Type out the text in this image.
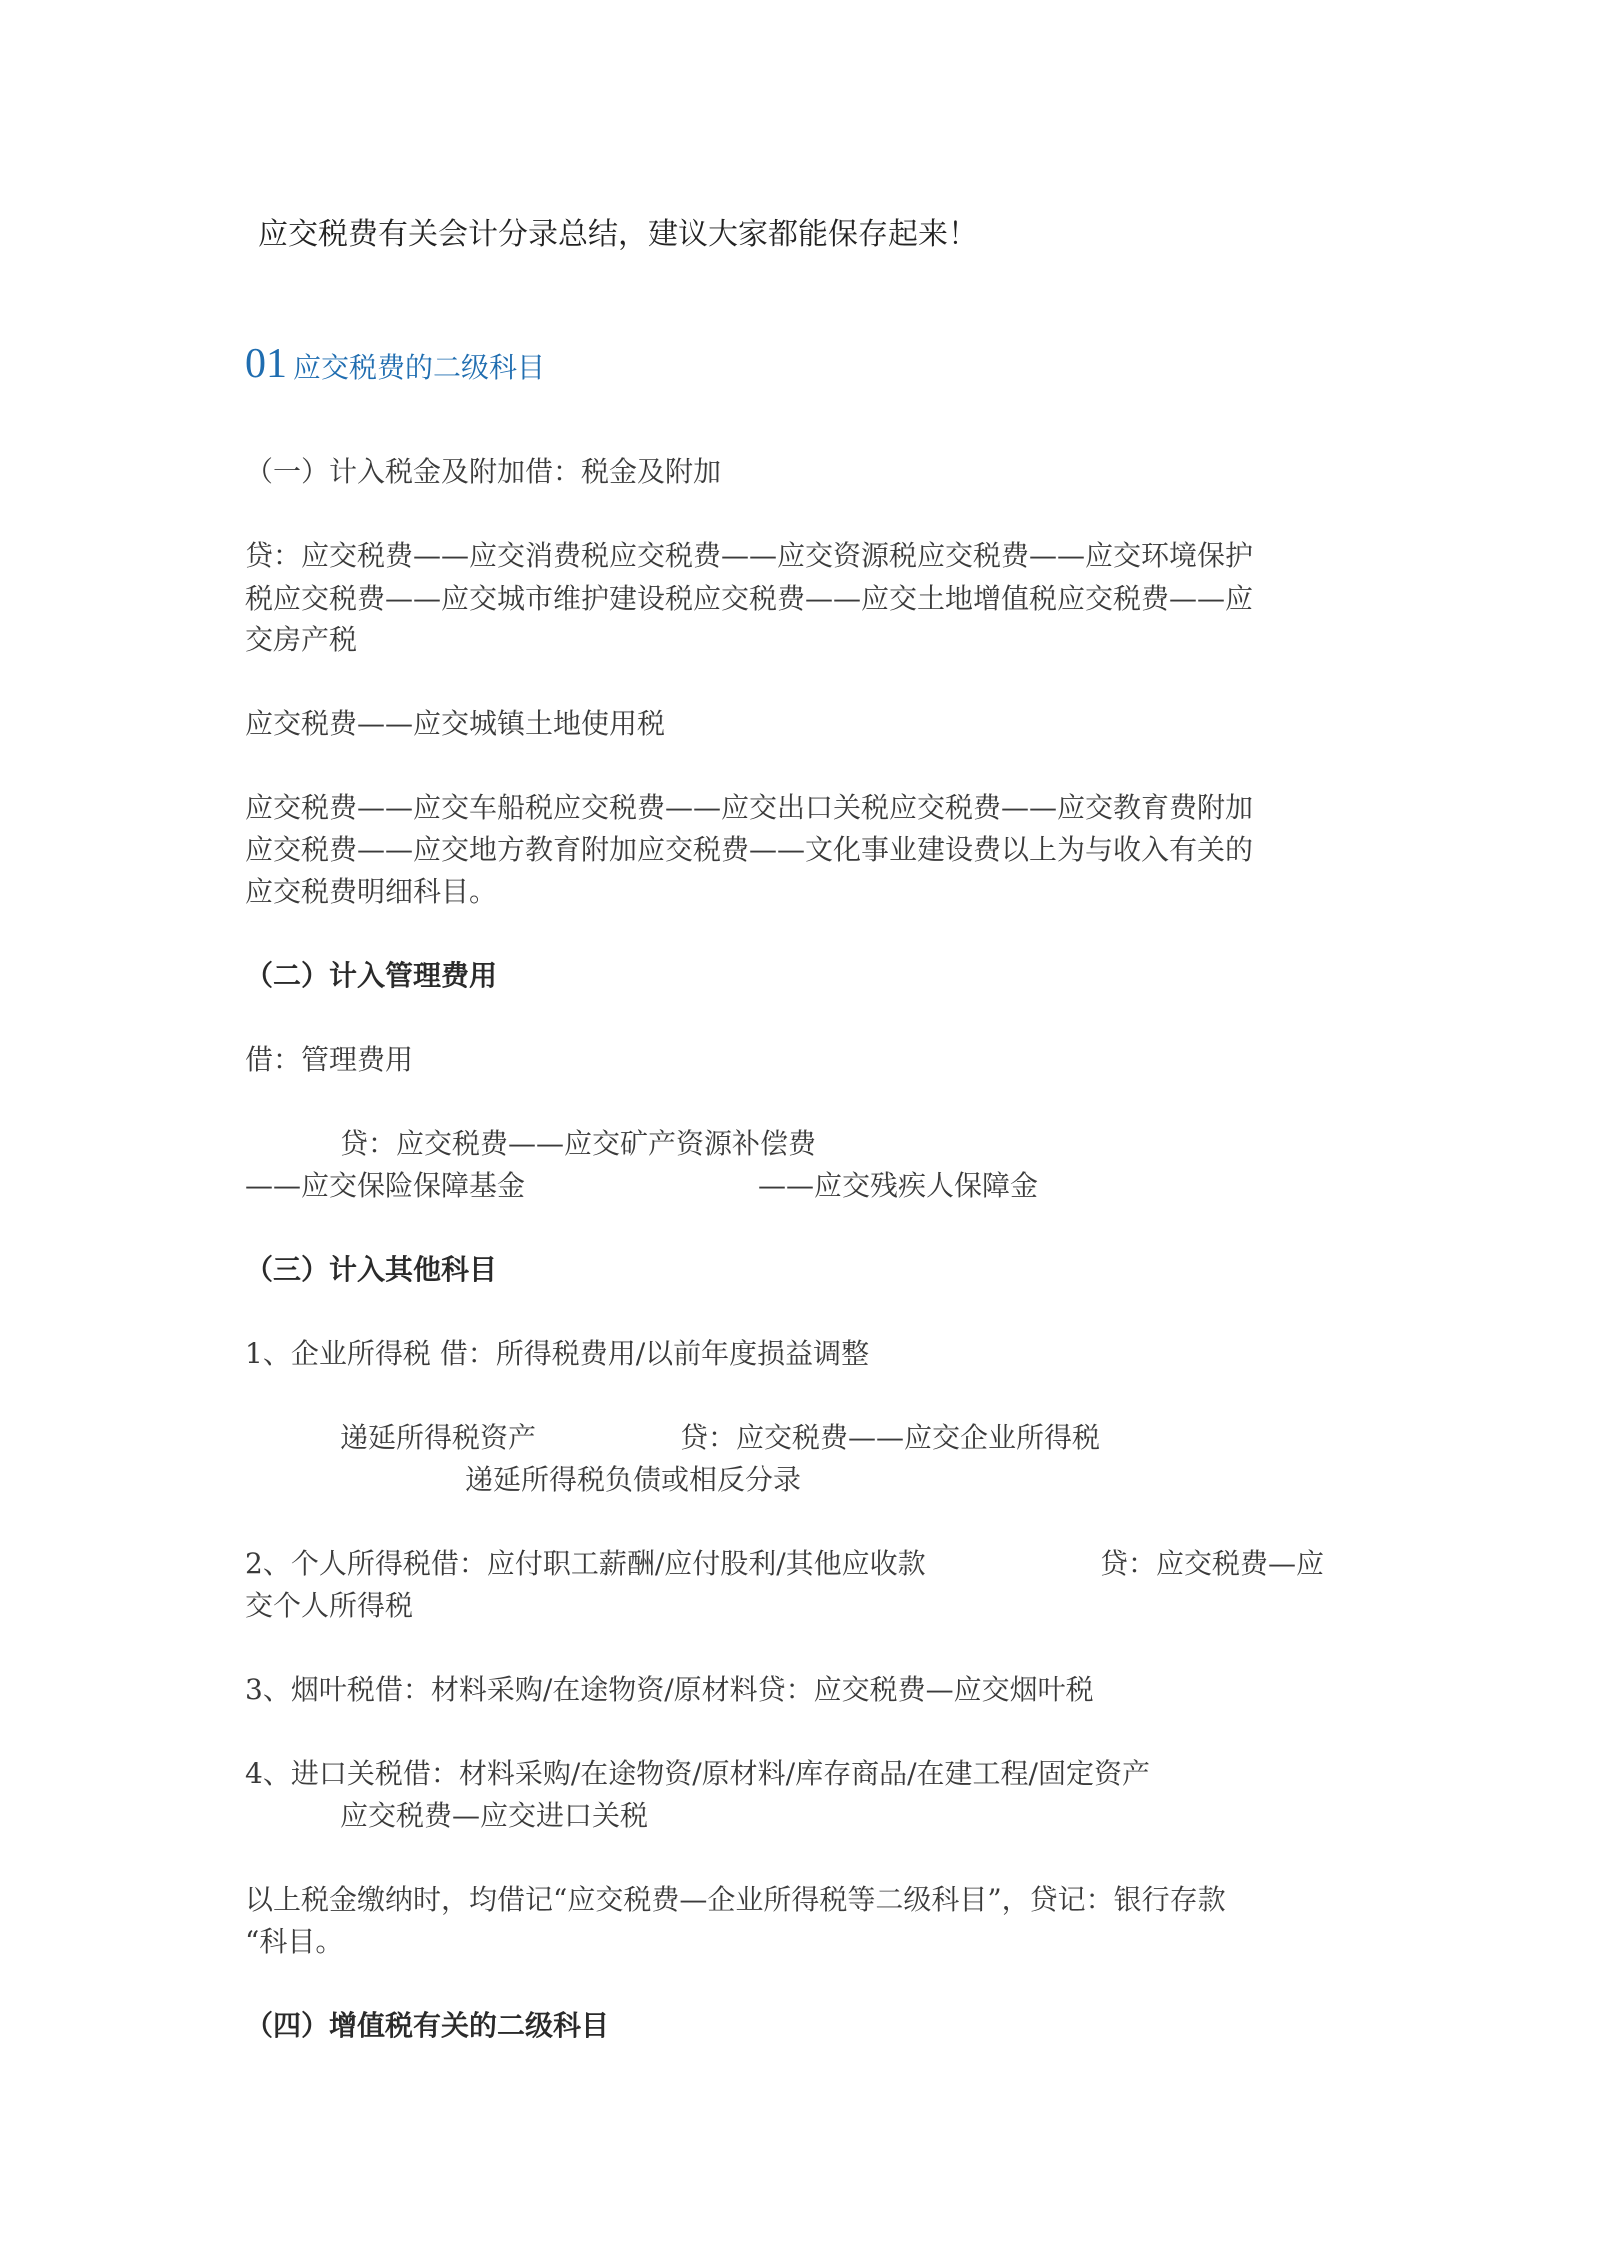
应交税费有关会计分录总结，建议大家都能保存起来！
01 应交税费的二级科目
（一）计入税金及附加借：税金及附加
贷：应交税费——应交消费税应交税费——应交资源税应交税费——应交环境保护
税应交税费——应交城市维护建设税应交税费——应交土地增值税应交税费——应
交房产税
应交税费——应交城镇土地使用税
应交税费——应交车船税应交税费——应交出口关税应交税费——应交教育费附加
应交税费——应交地方教育附加应交税费——文化事业建设费以上为与收入有关的
应交税费明细科目。
（二）计入管理费用
借：管理费用
贷：应交税费——应交矿产资源补偿费
——应交保险保障基金	——应交残疾人保障金
（三）计入其他科目
1、企业所得税 借：所得税费用/以前年度损益调整
递延所得税资产	贷：应交税费——应交企业所得税
递延所得税负债或相反分录
2、个人所得税借：应付职工薪酬/应付股利/其他应收款	贷：应交税费—应
交个人所得税
3、烟叶税借：材料采购/在途物资/原材料贷：应交税费—应交烟叶税
4、进口关税借：材料采购/在途物资/原材料/库存商品/在建工程/固定资产
应交税费—应交进口关税
以上税金缴纳时，均借记“应交税费—企业所得税等二级科目”，贷记：银行存款
“科目。
（四）增值税有关的二级科目
